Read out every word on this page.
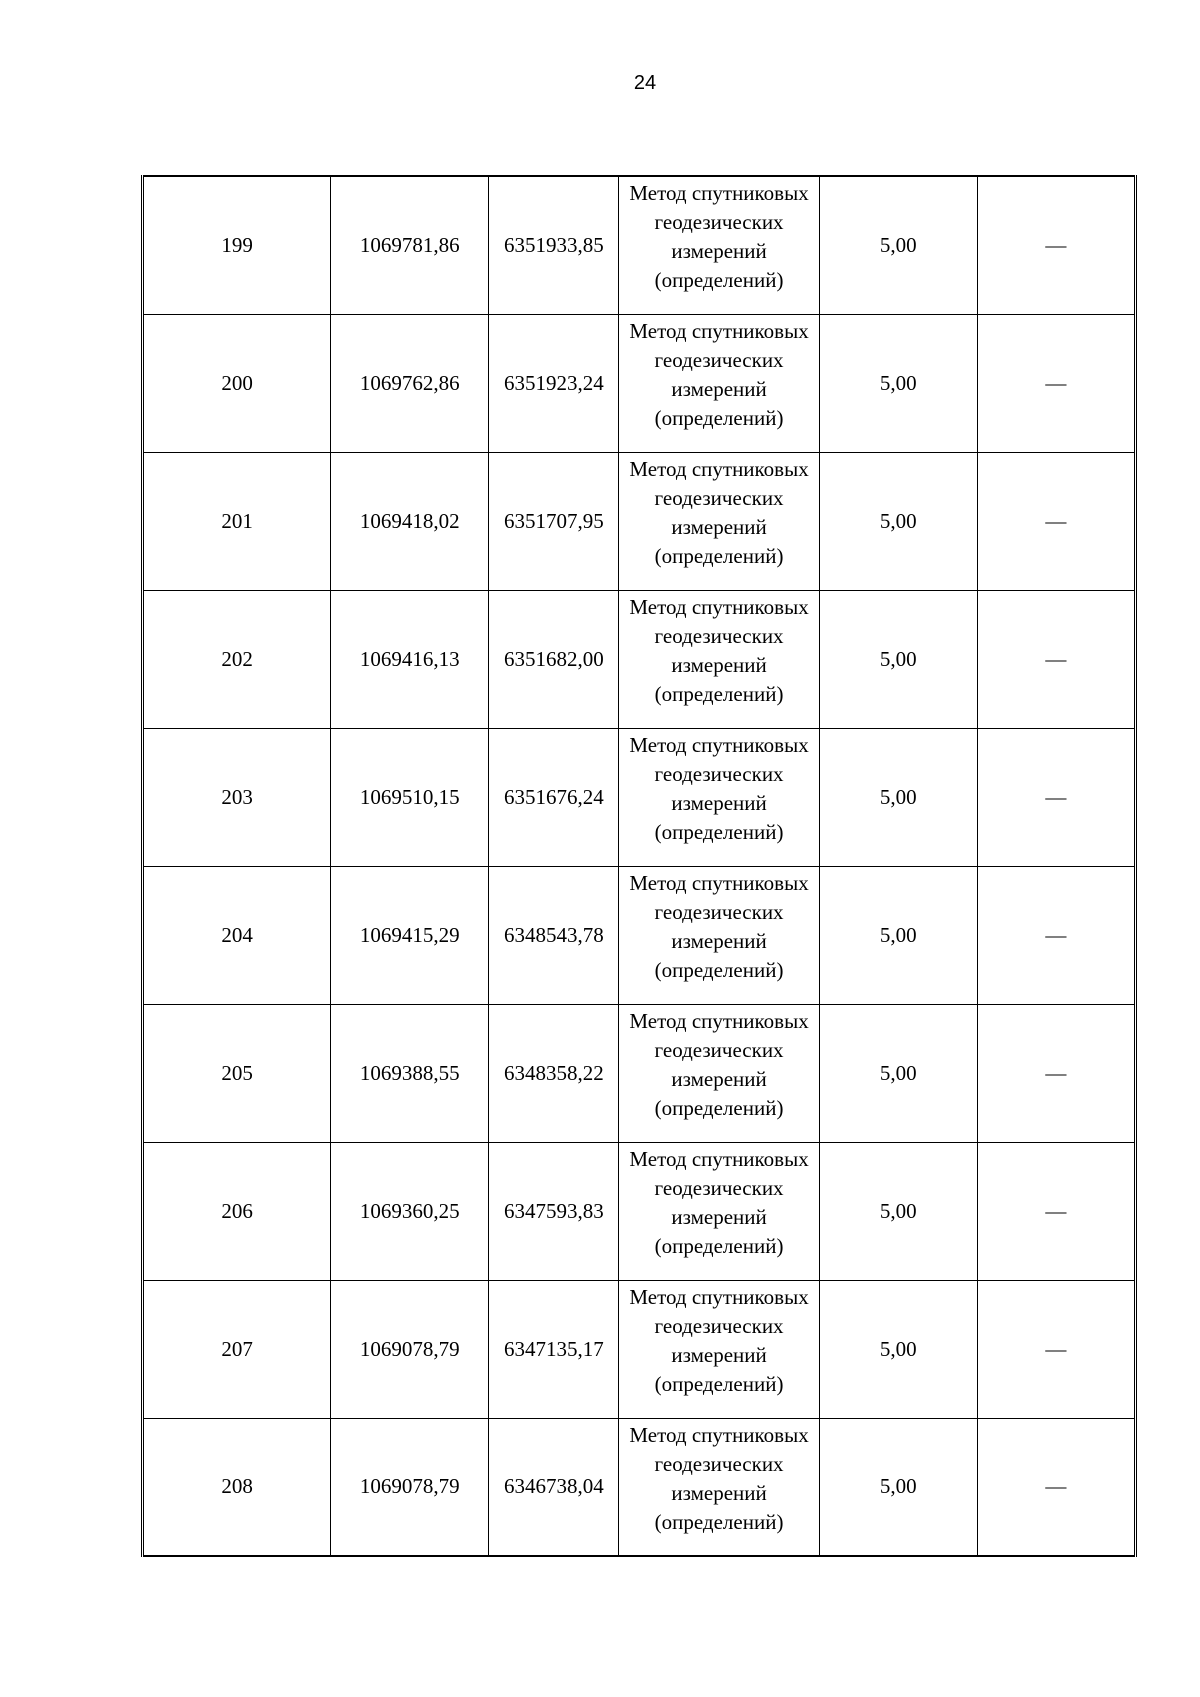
24
199	1069781,86	6351933,85	Метод спутниковых геодезических измерений (определений)	5,00	—
200	1069762,86	6351923,24	Метод спутниковых геодезических измерений (определений)	5,00	—
201	1069418,02	6351707,95	Метод спутниковых геодезических измерений (определений)	5,00	—
202	1069416,13	6351682,00	Метод спутниковых геодезических измерений (определений)	5,00	—
203	1069510,15	6351676,24	Метод спутниковых геодезических измерений (определений)	5,00	—
204	1069415,29	6348543,78	Метод спутниковых геодезических измерений (определений)	5,00	—
205	1069388,55	6348358,22	Метод спутниковых геодезических измерений (определений)	5,00	—
206	1069360,25	6347593,83	Метод спутниковых геодезических измерений (определений)	5,00	—
207	1069078,79	6347135,17	Метод спутниковых геодезических измерений (определений)	5,00	—
208	1069078,79	6346738,04	Метод спутниковых геодезических измерений (определений)	5,00	—
